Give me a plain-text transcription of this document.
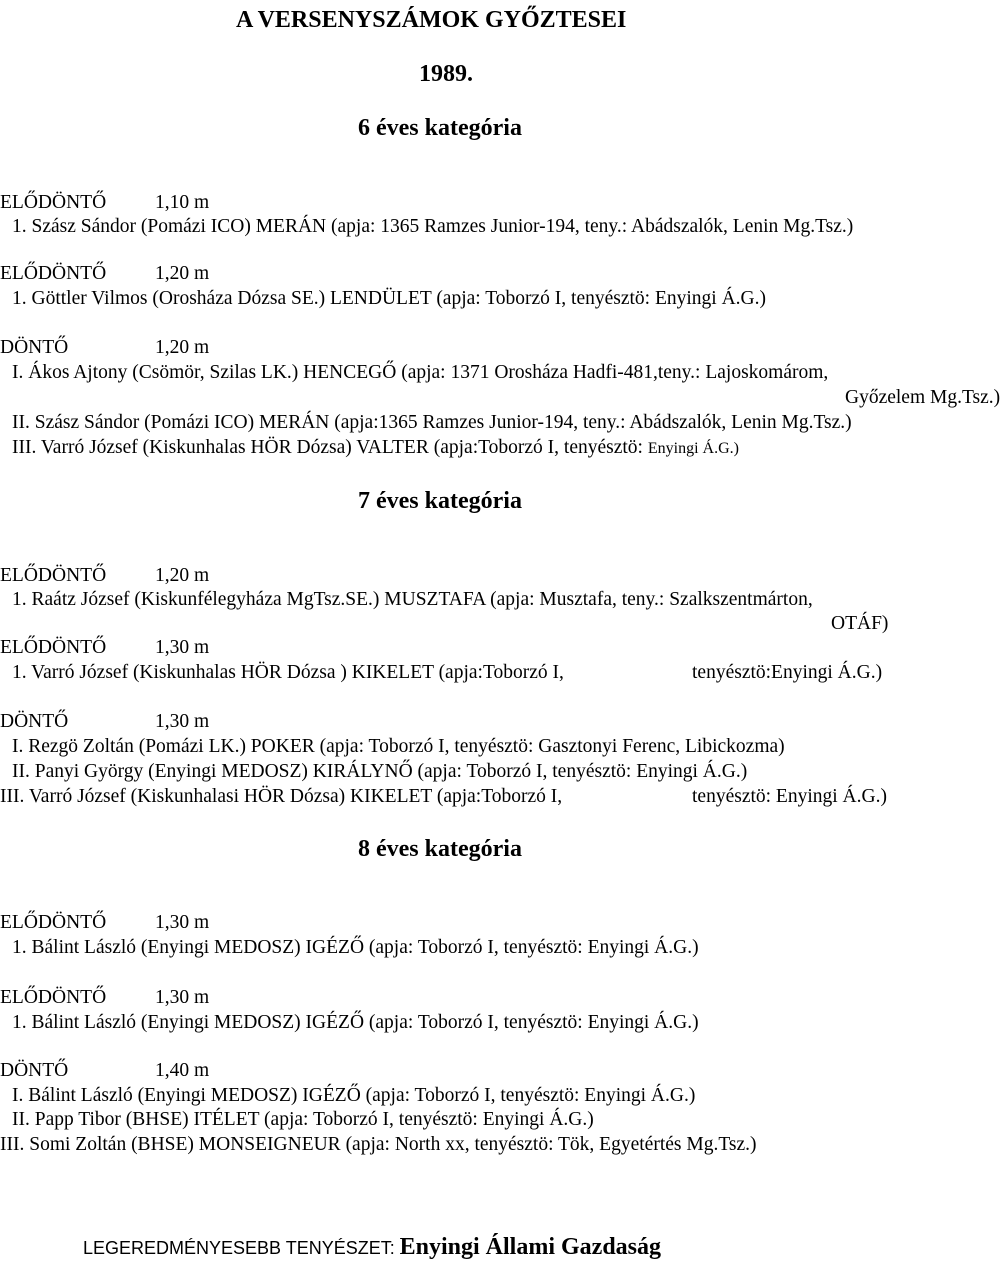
A VERSENYSZÁMOK GYŐZTESEI
1989.
6 éves kategória
ELŐDÖNTŐ	1,10 m
1. Szász Sándor (Pomázi ICO) MERÁN (apja: 1365 Ramzes Junior-194, teny.: Abádszalók, Lenin Mg.Tsz.)
ELŐDÖNTŐ	1,20 m
1. Göttler Vilmos (Orosháza Dózsa SE.) LENDÜLET (apja: Toborzó I, tenyésztö: Enyingi Á.G.)
DÖNTŐ	1,20 m
I. Ákos Ajtony (Csömör, Szilas LK.) HENCEGŐ (apja: 1371 Orosháza Hadfi-481,teny.: Lajoskomárom,
Győzelem Mg.Tsz.)
II. Szász Sándor (Pomázi ICO) MERÁN (apja:1365 Ramzes Junior-194, teny.: Abádszalók, Lenin Mg.Tsz.)
III. Varró József (Kiskunhalas HÖR Dózsa) VALTER (apja:Toborzó I, tenyésztö: Enyingi Á.G.)
7 éves kategória
ELŐDÖNTŐ	1,20 m
1. Raátz József (Kiskunfélegyháza MgTsz.SE.) MUSZTAFA (apja: Musztafa, teny.: Szalkszentmárton,
OTÁF)
ELŐDÖNTŐ	1,30 m
1. Varró József (Kiskunhalas HÖR Dózsa ) KIKELET (apja:Toborzó I,	tenyésztö:Enyingi Á.G.)
DÖNTŐ	1,30 m
I. Rezgö Zoltán (Pomázi LK.) POKER (apja: Toborzó I, tenyésztö: Gasztonyi Ferenc, Libickozma)
II. Panyi György (Enyingi MEDOSZ) KIRÁLYNŐ (apja: Toborzó I, tenyésztö: Enyingi Á.G.)
III. Varró József (Kiskunhalasi HÖR Dózsa) KIKELET (apja:Toborzó I,	tenyésztö: Enyingi Á.G.)
8 éves kategória
ELŐDÖNTŐ	1,30 m
1. Bálint László (Enyingi MEDOSZ) IGÉZŐ (apja: Toborzó I, tenyésztö: Enyingi Á.G.)
ELŐDÖNTŐ	1,30 m
1. Bálint László (Enyingi MEDOSZ) IGÉZŐ (apja: Toborzó I, tenyésztö: Enyingi Á.G.)
DÖNTŐ	1,40 m
I. Bálint László (Enyingi MEDOSZ) IGÉZŐ (apja: Toborzó I, tenyésztö: Enyingi Á.G.)
II. Papp Tibor (BHSE) ITÉLET (apja: Toborzó I, tenyésztö: Enyingi Á.G.)
III. Somi Zoltán (BHSE) MONSEIGNEUR (apja: North xx, tenyésztö: Tök, Egyetértés Mg.Tsz.)
LEGEREDMÉNYESEBB TENYÉSZET: Enyingi Állami Gazdaság
